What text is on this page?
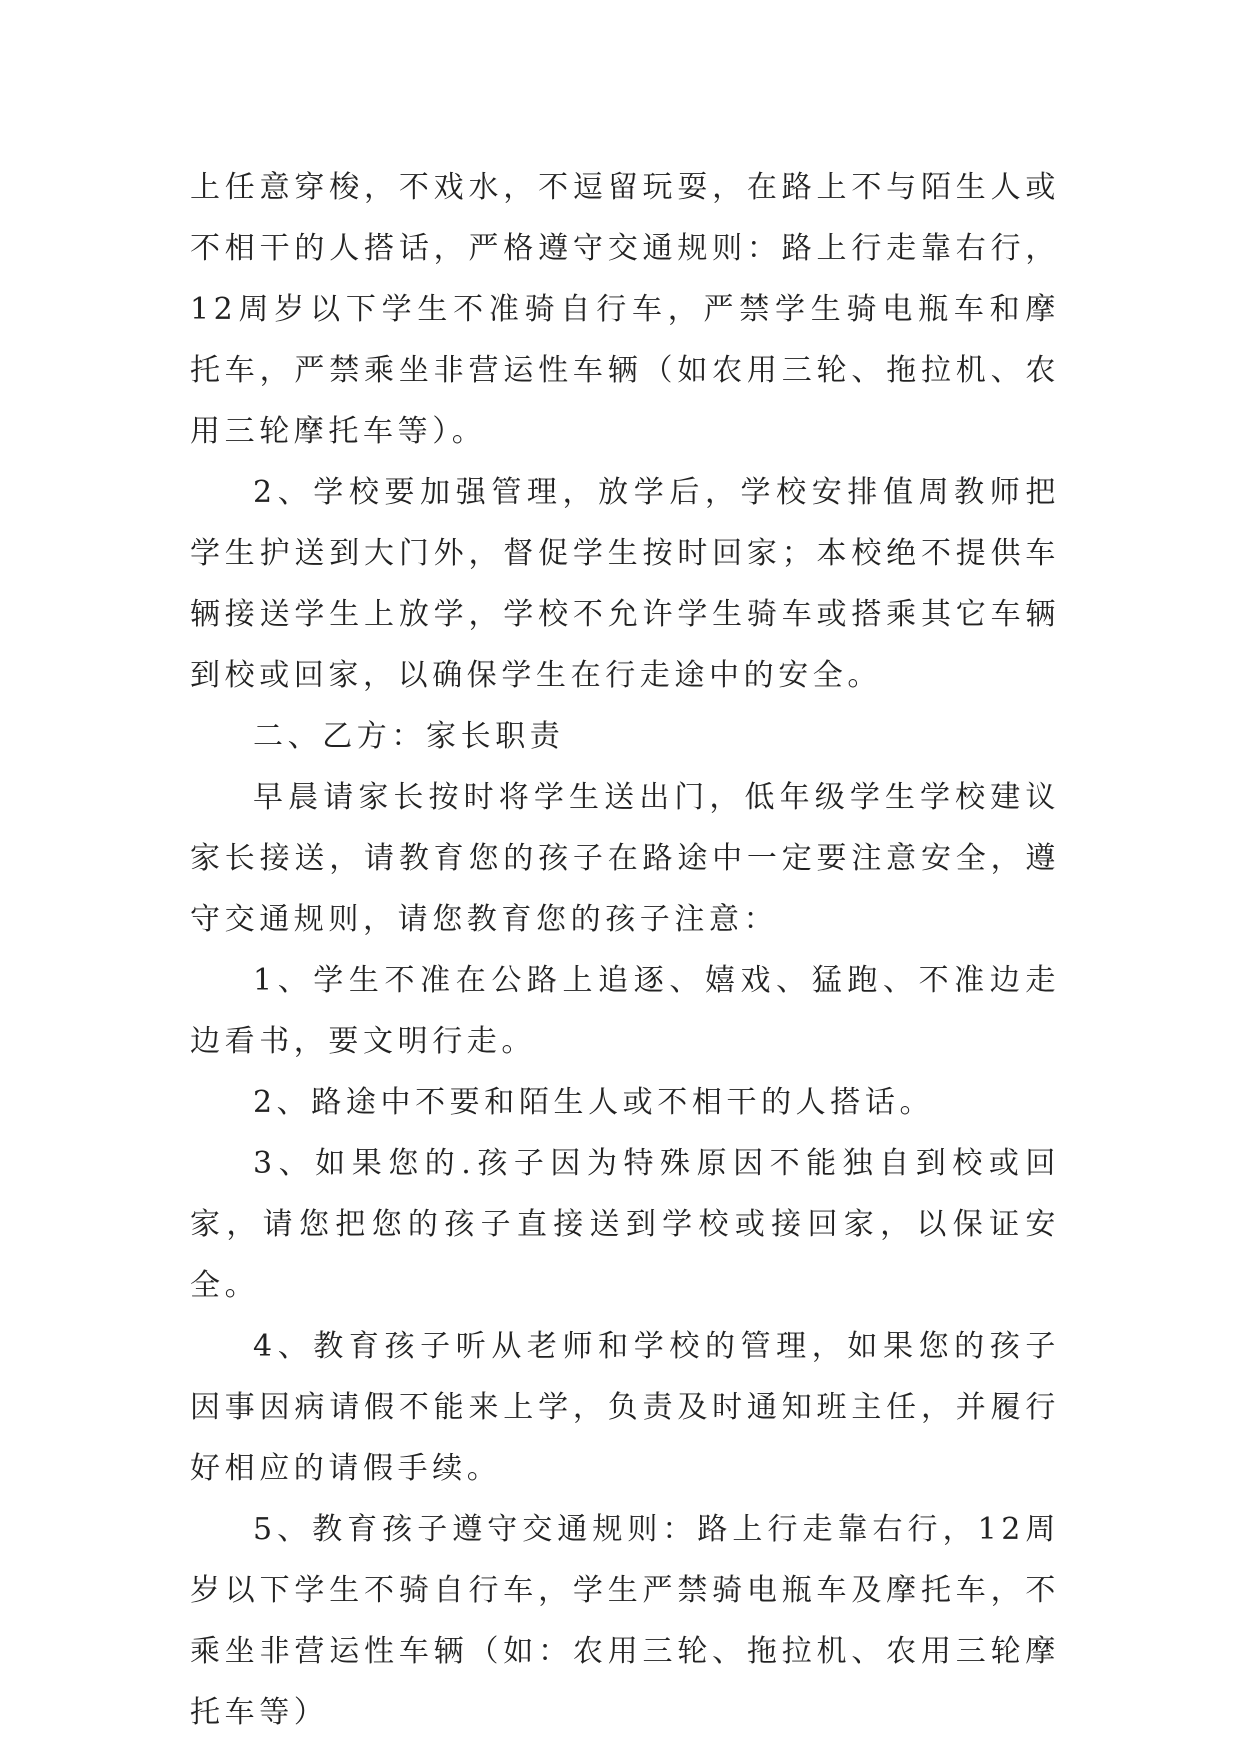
上任意穿梭，不戏水，不逗留玩耍，在路上不与陌生人或不相干的人搭话，严格遵守交通规则：路上行走靠右行，12周岁以下学生不准骑自行车，严禁学生骑电瓶车和摩托车，严禁乘坐非营运性车辆（如农用三轮、拖拉机、农用三轮摩托车等）。

2、学校要加强管理，放学后，学校安排值周教师把学生护送到大门外，督促学生按时回家；本校绝不提供车辆接送学生上放学，学校不允许学生骑车或搭乘其它车辆到校或回家，以确保学生在行走途中的安全。

二、乙方：家长职责

早晨请家长按时将学生送出门，低年级学生学校建议家长接送，请教育您的孩子在路途中一定要注意安全，遵守交通规则，请您教育您的孩子注意：

1、学生不准在公路上追逐、嬉戏、猛跑、不准边走边看书，要文明行走。

2、路途中不要和陌生人或不相干的人搭话。

3、如果您的.孩子因为特殊原因不能独自到校或回家，请您把您的孩子直接送到学校或接回家，以保证安全。

4、教育孩子听从老师和学校的管理，如果您的孩子因事因病请假不能来上学，负责及时通知班主任，并履行好相应的请假手续。

5、教育孩子遵守交通规则：路上行走靠右行，12周岁以下学生不骑自行车，学生严禁骑电瓶车及摩托车，不乘坐非营运性车辆（如：农用三轮、拖拉机、农用三轮摩托车等）
